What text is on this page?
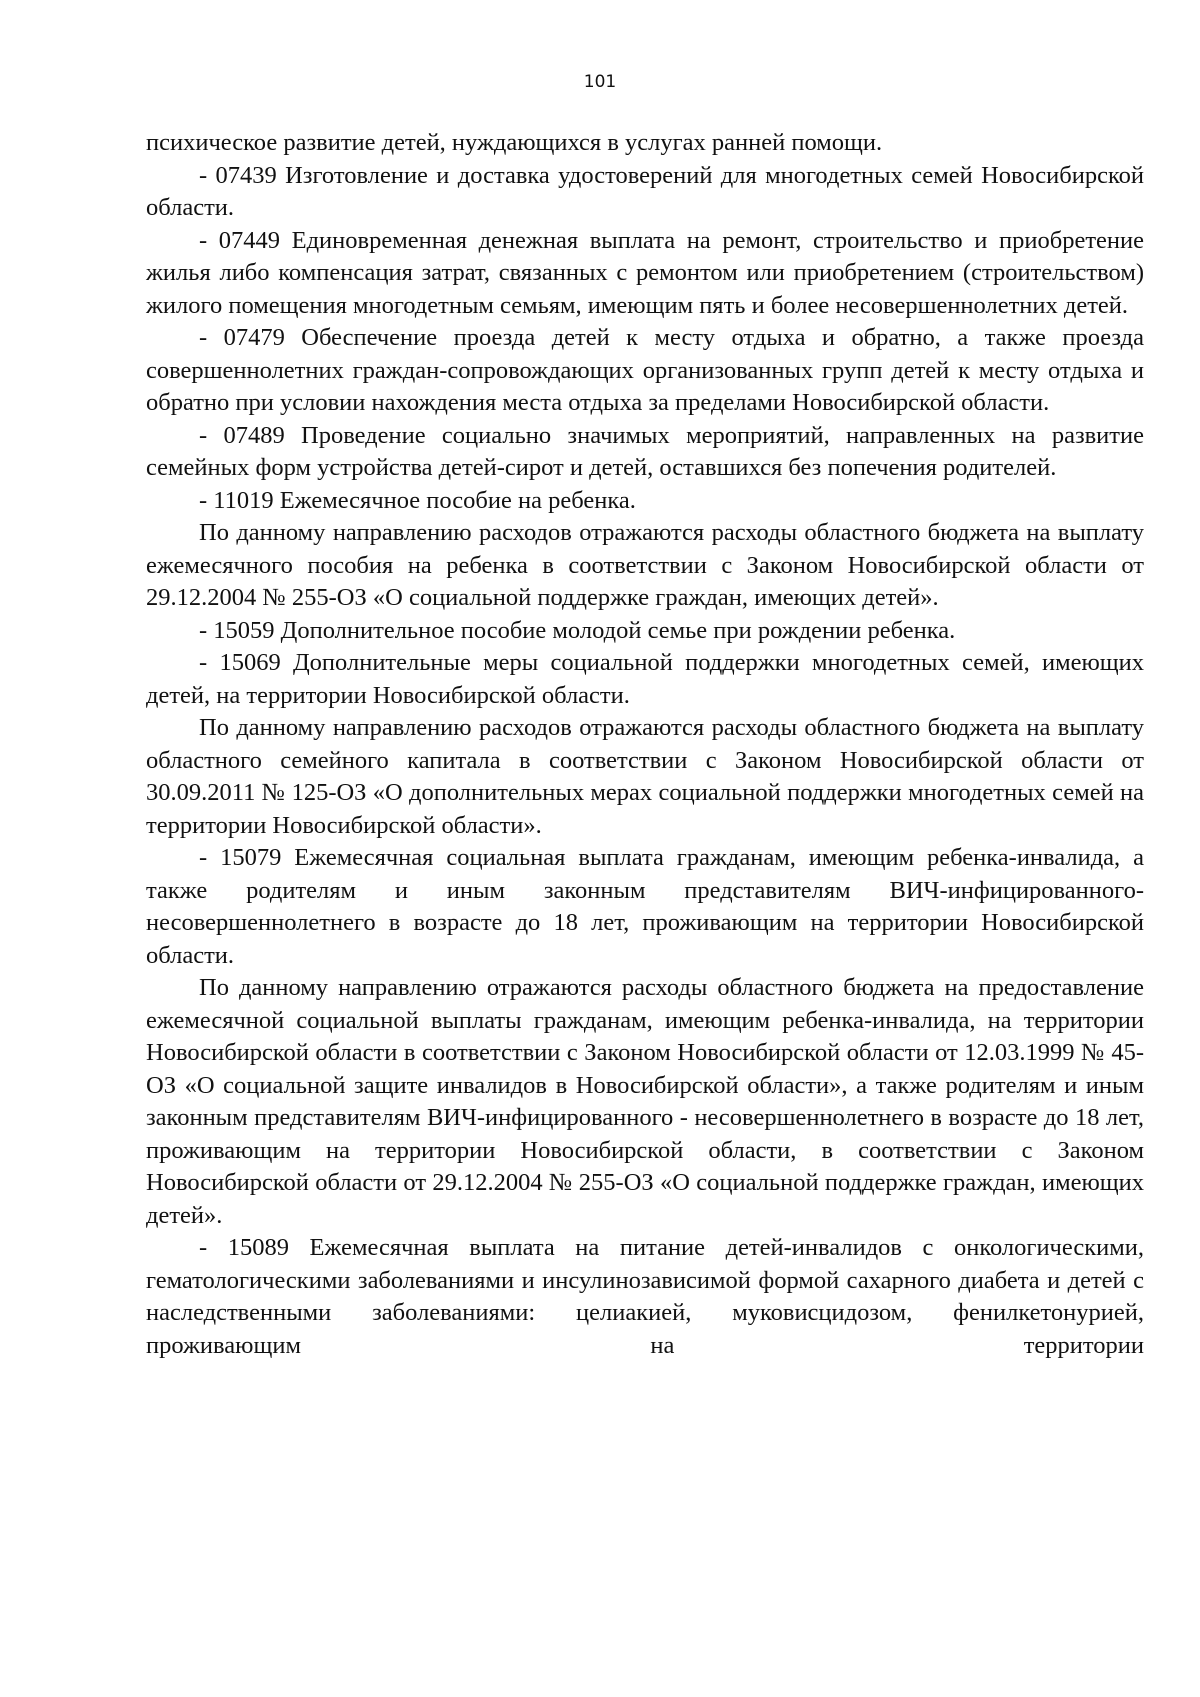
101

психическое развитие детей, нуждающихся в услугах ранней помощи.

- 07439 Изготовление и доставка удостоверений для многодетных семей Новосибирской области.

- 07449 Единовременная денежная выплата на ремонт, строительство и приобретение жилья либо компенсация затрат, связанных с ремонтом или приобретением (строительством) жилого помещения многодетным семьям, имеющим пять и более несовершеннолетних детей.

- 07479 Обеспечение проезда детей к месту отдыха и обратно, а также проезда совершеннолетних граждан-сопровождающих организованных групп детей к месту отдыха и обратно при условии нахождения места отдыха за пределами Новосибирской области.

- 07489 Проведение социально значимых мероприятий, направленных на развитие семейных форм устройства детей-сирот и детей, оставшихся без попечения родителей.

- 11019 Ежемесячное пособие на ребенка.

По данному направлению расходов отражаются расходы областного бюджета на выплату ежемесячного пособия на ребенка в соответствии с Законом Новосибирской области от 29.12.2004 № 255-ОЗ «О социальной поддержке граждан, имеющих детей».

- 15059 Дополнительное пособие молодой семье при рождении ребенка.

- 15069 Дополнительные меры социальной поддержки многодетных семей, имеющих детей, на территории Новосибирской области.

По данному направлению расходов отражаются расходы областного бюджета на выплату областного семейного капитала в соответствии с Законом Новосибирской области от 30.09.2011 № 125-ОЗ «О дополнительных мерах социальной поддержки многодетных семей на территории Новосибирской области».

- 15079 Ежемесячная социальная выплата гражданам, имеющим ребенка-инвалида, а также родителям и иным законным представителям ВИЧ-инфицированного-несовершеннолетнего в возрасте до 18 лет, проживающим на территории Новосибирской области.

По данному направлению отражаются расходы областного бюджета на предоставление ежемесячной социальной выплаты гражданам, имеющим ребенка-инвалида, на территории Новосибирской области в соответствии с Законом Новосибирской области от 12.03.1999 № 45-ОЗ «О социальной защите инвалидов в Новосибирской области», а также родителям и иным законным представителям ВИЧ-инфицированного - несовершеннолетнего в возрасте до 18 лет, проживающим на территории Новосибирской области, в соответствии с Законом Новосибирской области от 29.12.2004 № 255-ОЗ «О социальной поддержке граждан, имеющих детей».

- 15089 Ежемесячная выплата на питание детей-инвалидов с онкологическими, гематологическими заболеваниями и инсулинозависимой формой сахарного диабета и детей с наследственными заболеваниями: целиакией, муковисцидозом, фенилкетонурией, проживающим на территории
